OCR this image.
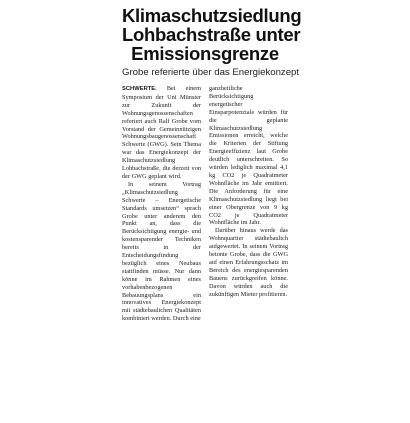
Klimaschutzsiedlung
Lohbachstraße unter
Emissionsgrenze
Grobe referierte über das Energiekonzept

SCHWERTE. Bei einem Symposium der Uni Münster zur Zukunft der Wohnungsgenossenschaften referiert auch Ralf Grobe vom Vorstand der Gemeinnützigen Wohnungsbaugenossenschaft Schwerte (GWG). Sein Thema war das Energiekonzept der Klimaschutzsiedlung Lohbachstraße, die derzeit von der GWG geplant wird.

In seinem Vortrag „Klimaschutzsiedlung Schwerte – Energetische Standards umsetzen“ sprach Grobe unter anderem den Punkt an, dass die Berücksichtigung energie- und kostensparender Techniken bereits in der Entscheidungsfindung bezüglich eines Neubaus stattfinden müsse. Nur dann könne im Rahmen eines vorhabenbezogenen Bebauungsplans ein innovatives Energiekonzept mit städtebaulichen Qualitäten kombiniert werden. Durch eine

ganzheitliche Berücksichtigung energetischer Einsparpotenziale würden für die geplante Klimaschutzsiedlung Emissionen erreicht, welche die Kriterien der Stiftung Energieeffizienz laut Grobe deutlich unterschreiten. So würden lediglich maximal 4,1 kg CO2 je Quadratmeter Wohnfläche im Jahr emittiert. Die Anforderung für eine Klimaschutzsiedlung liegt bei einer Obergrenze von 9 kg CO2 je Quadratmeter Wohnfläche im Jahr.

Darüber hinaus werde das Wohnquartier städtebaulich aufgewertet. In seinem Vortrag betonte Grobe, dass die GWG auf einen Erfahrungsschatz im Bereich des energiesparenden Bauens zurückgreifen könne. Davon würden auch die zukünftigen Mieter profitieren.
